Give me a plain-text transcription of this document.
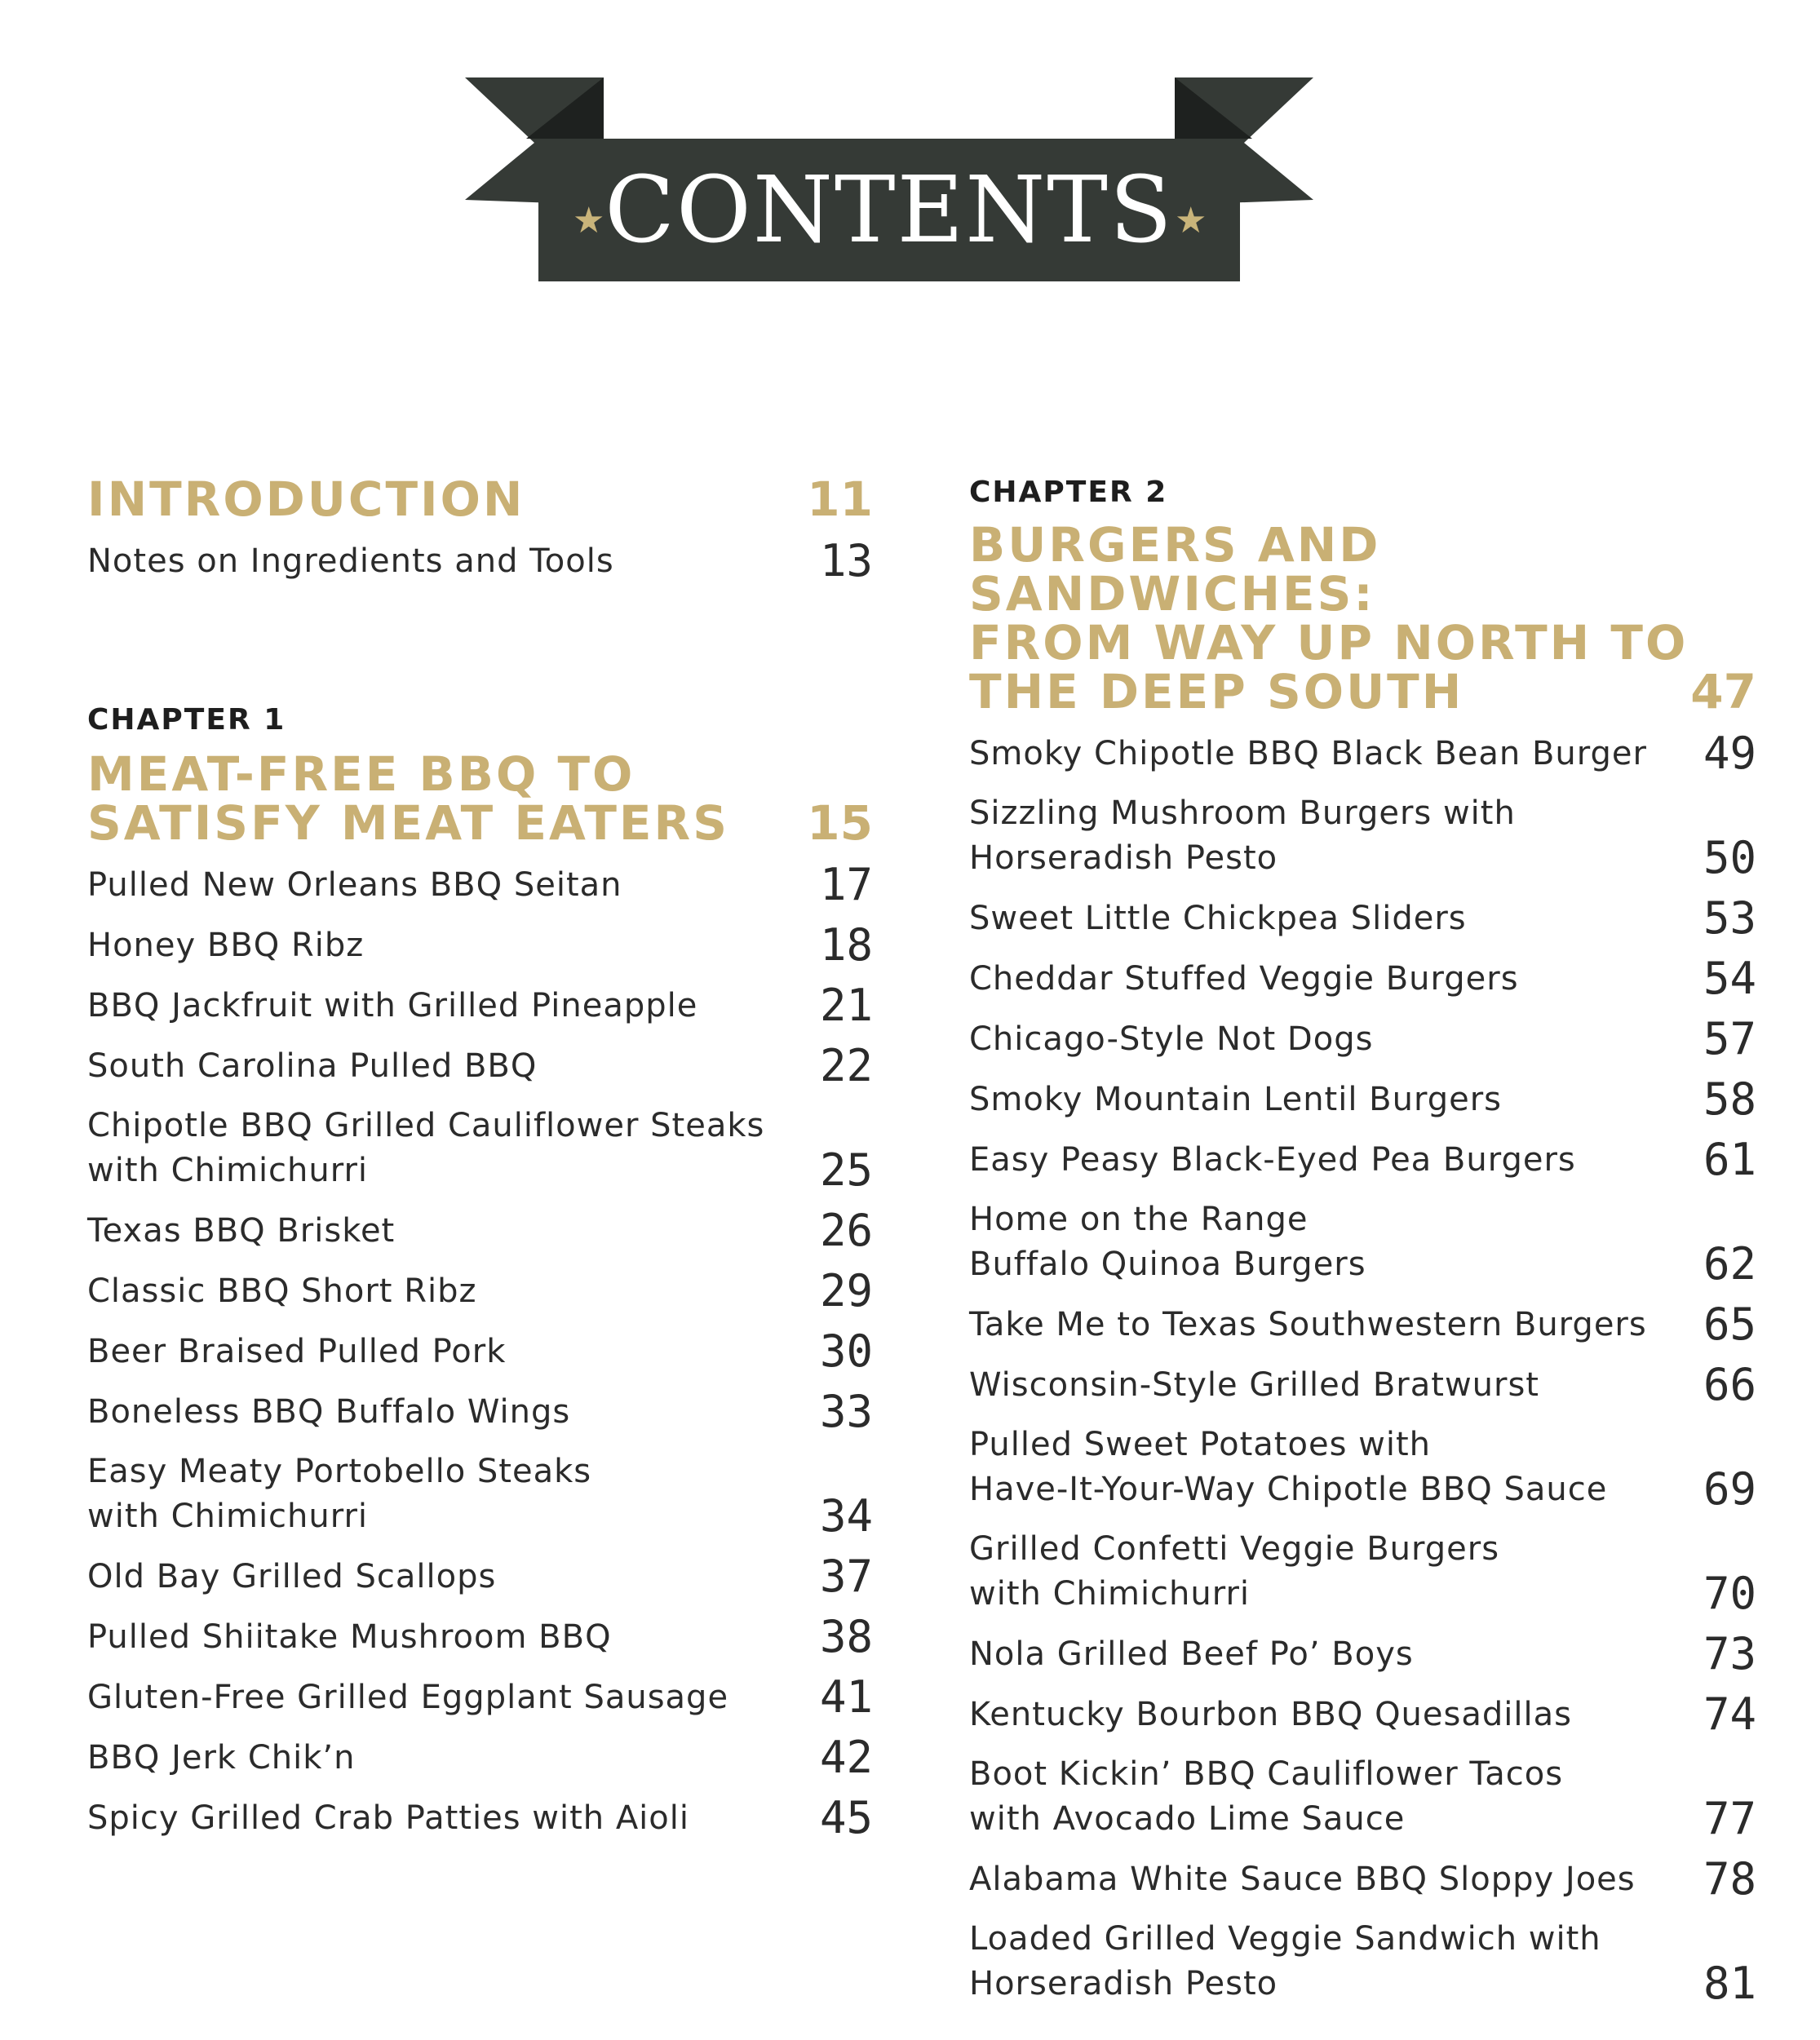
★ CONTENTS ★
INTRODUCTION	11
Notes on Ingredients and Tools	13
CHAPTER 1
MEAT-FREE BBQ TO
SATISFY MEAT EATERS 15
Pulled New Orleans BBQ Seitan	17
Honey BBQ Ribz	18
BBQ Jackfruit with Grilled Pineapple	21
South Carolina Pulled BBQ	22
Chipotle BBQ Grilled Cauliflower Steaks
with Chimichurri	25
Texas BBQ Brisket	26
Classic BBQ Short Ribz	29
Beer Braised Pulled Pork	30
Boneless BBQ Buffalo Wings	33
Easy Meaty Portobello Steaks
with Chimichurri	34
Old Bay Grilled Scallops	37
Pulled Shiitake Mushroom BBQ	38
Gluten-Free Grilled Eggplant Sausage 41
BBQ Jerk Chik’n	42
Spicy Grilled Crab Patties with Aioli	45
CHAPTER 2
BURGERS AND SANDWICHES:
FROM WAY UP NORTH TO
THE DEEP SOUTH	47
Smoky Chipotle BBQ Black Bean Burger 49
Sizzling Mushroom Burgers with
Horseradish Pesto	50
Sweet Little Chickpea Sliders	53
Cheddar Stuffed Veggie Burgers	54
Chicago-Style Not Dogs	57
Smoky Mountain Lentil Burgers	58
Easy Peasy Black-Eyed Pea Burgers	61
Home on the Range
Buffalo Quinoa Burgers	62
Take Me to Texas Southwestern Burgers 65
Wisconsin-Style Grilled Bratwurst	66
Pulled Sweet Potatoes with
Have-It-Your-Way Chipotle BBQ Sauce 69
Grilled Confetti Veggie Burgers
with Chimichurri	70
Nola Grilled Beef Po’ Boys	73
Kentucky Bourbon BBQ Quesadillas	74
Boot Kickin’ BBQ Cauliflower Tacos
with Avocado Lime Sauce	77
Alabama White Sauce BBQ Sloppy Joes 78
Loaded Grilled Veggie Sandwich with
Horseradish Pesto	81
